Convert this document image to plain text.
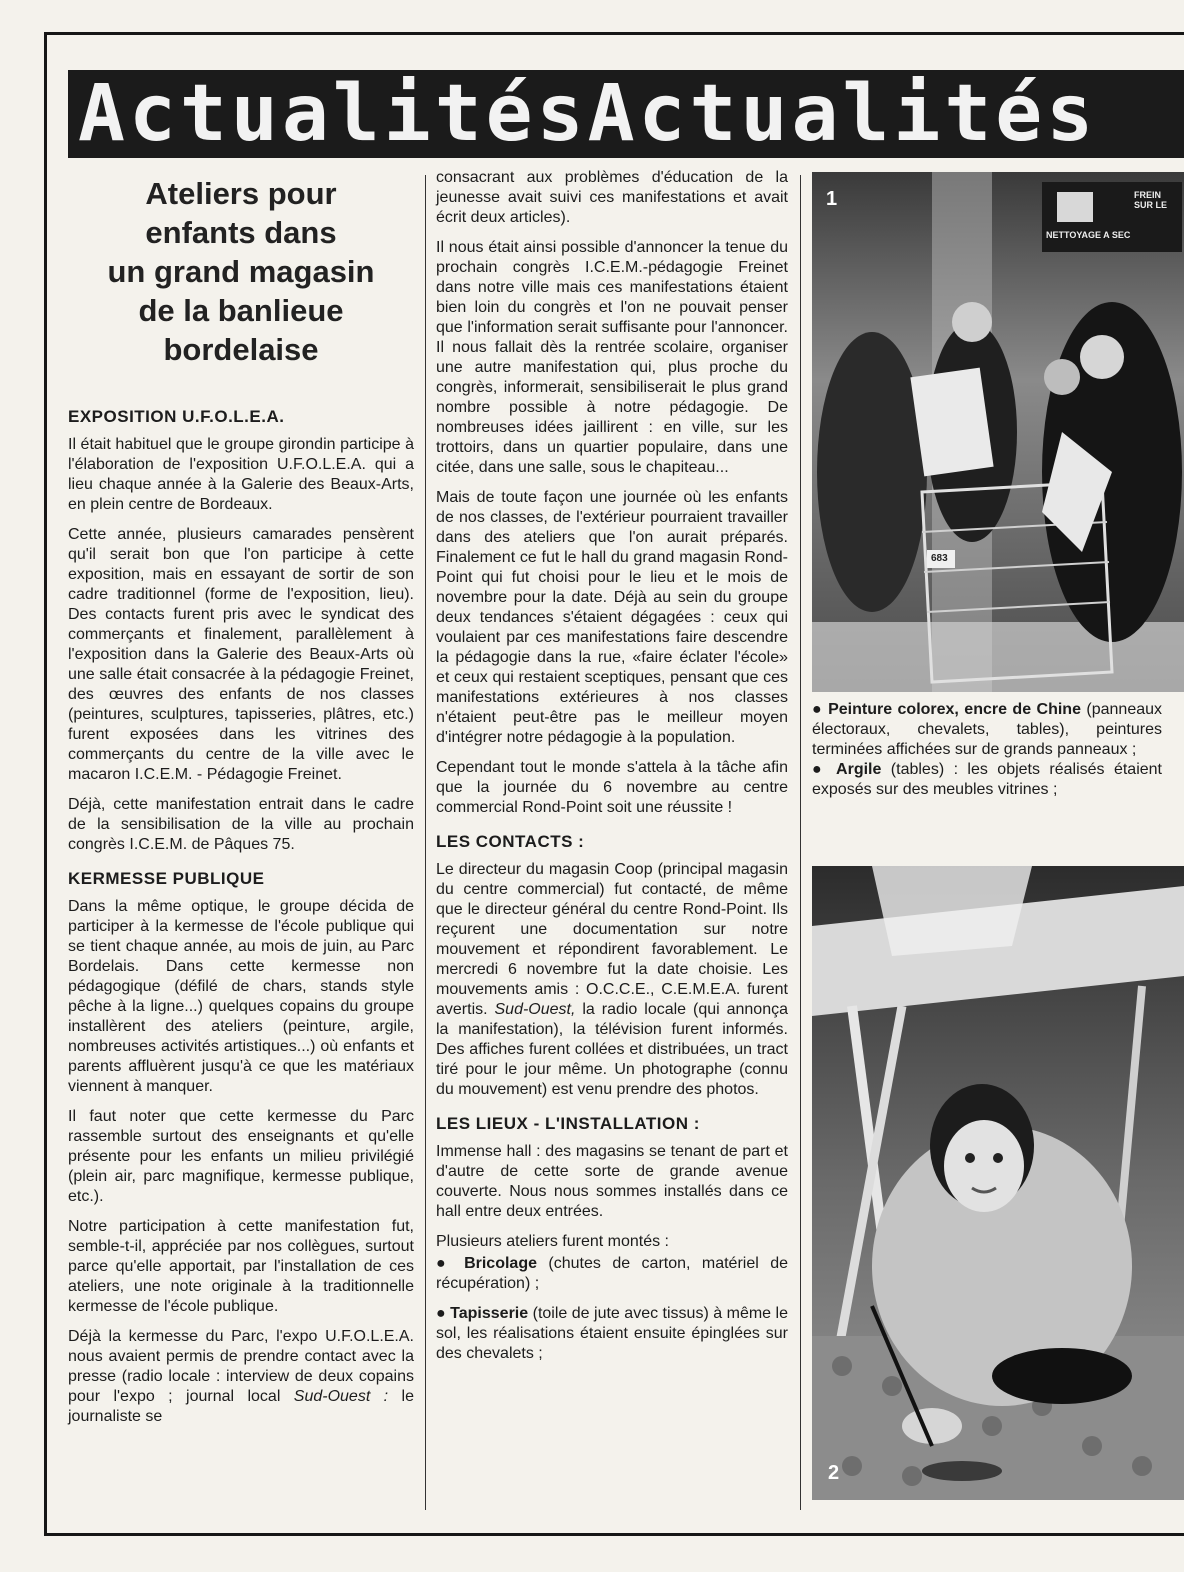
ActualitésActualités
Ateliers pour
enfants dans
un grand magasin
de la banlieue
bordelaise
EXPOSITION U.F.O.L.E.A.

Il était habituel que le groupe girondin participe à l'élaboration de l'exposition U.F.O.L.E.A. qui a lieu chaque année à la Galerie des Beaux-Arts, en plein centre de Bordeaux.

Cette année, plusieurs camarades pensèrent qu'il serait bon que l'on participe à cette exposition, mais en essayant de sortir de son cadre traditionnel (forme de l'exposition, lieu). Des contacts furent pris avec le syndicat des commerçants et finalement, parallèlement à l'exposition dans la Galerie des Beaux-Arts où une salle était consacrée à la pédagogie Freinet, des œuvres des enfants de nos classes (peintures, sculptures, tapisseries, plâtres, etc.) furent exposées dans les vitrines des commerçants du centre de la ville avec le macaron I.C.E.M. - Pédagogie Freinet.

Déjà, cette manifestation entrait dans le cadre de la sensibilisation de la ville au prochain congrès I.C.E.M. de Pâques 75.

KERMESSE PUBLIQUE

Dans la même optique, le groupe décida de participer à la kermesse de l'école publique qui se tient chaque année, au mois de juin, au Parc Bordelais. Dans cette kermesse non pédagogique (défilé de chars, stands style pêche à la ligne...) quelques copains du groupe installèrent des ateliers (peinture, argile, nombreuses activités artistiques...) où enfants et parents affluèrent jusqu'à ce que les matériaux viennent à manquer.

Il faut noter que cette kermesse du Parc rassemble surtout des enseignants et qu'elle présente pour les enfants un milieu privilégié (plein air, parc magnifique, kermesse publique, etc.).

Notre participation à cette manifestation fut, semble-t-il, appréciée par nos collègues, surtout parce qu'elle apportait, par l'installation de ces ateliers, une note originale à la traditionnelle kermesse de l'école publique.

Déjà la kermesse du Parc, l'expo U.F.O.L.E.A. nous avaient permis de prendre contact avec la presse (radio locale : interview de deux copains pour l'expo ; journal local Sud-Ouest : le journaliste se

consacrant aux problèmes d'éducation de la jeunesse avait suivi ces manifestations et avait écrit deux articles).

Il nous était ainsi possible d'annoncer la tenue du prochain congrès I.C.E.M.-pédagogie Freinet dans notre ville mais ces manifestations étaient bien loin du congrès et l'on ne pouvait penser que l'information serait suffisante pour l'annoncer. Il nous fallait dès la rentrée scolaire, organiser une autre manifestation qui, plus proche du congrès, informerait, sensibiliserait le plus grand nombre possible à notre pédagogie. De nombreuses idées jaillirent : en ville, sur les trottoirs, dans un quartier populaire, dans une citée, dans une salle, sous le chapiteau...

Mais de toute façon une journée où les enfants de nos classes, de l'extérieur pourraient travailler dans des ateliers que l'on aurait préparés. Finalement ce fut le hall du grand magasin Rond-Point qui fut choisi pour le lieu et le mois de novembre pour la date. Déjà au sein du groupe deux tendances s'étaient dégagées : ceux qui voulaient par ces manifestations faire descendre la pédagogie dans la rue, «faire éclater l'école» et ceux qui restaient sceptiques, pensant que ces manifestations extérieures à nos classes n'étaient peut-être pas le meilleur moyen d'intégrer notre pédagogie à la population.

Cependant tout le monde s'attela à la tâche afin que la journée du 6 novembre au centre commercial Rond-Point soit une réussite !

LES CONTACTS :

Le directeur du magasin Coop (principal magasin du centre commercial) fut contacté, de même que le directeur général du centre Rond-Point. Ils reçurent une documentation sur notre mouvement et répondirent favorablement. Le mercredi 6 novembre fut la date choisie. Les mouvements amis : O.C.C.E., C.E.M.E.A. furent avertis. Sud-Ouest, la radio locale (qui annonça la manifestation), la télévision furent informés. Des affiches furent collées et distribuées, un tract tiré pour le jour même. Un photographe (connu du mouvement) est venu prendre des photos.

LES LIEUX - L'INSTALLATION :

Immense hall : des magasins se tenant de part et d'autre de cette sorte de grande avenue couverte. Nous nous sommes installés dans ce hall entre deux entrées.

Plusieurs ateliers furent montés :

● Bricolage (chutes de carton, matériel de récupération) ;

● Tapisserie (toile de jute avec tissus) à même le sol, les réalisations étaient ensuite épinglées sur des chevalets ;

1	FREIN SUR LE
NETTOYAGE A SEC
683

● Peinture colorex, encre de Chine (panneaux électoraux, chevalets, tables), peintures terminées affichées sur de grands panneaux ;

● Argile (tables) : les objets réalisés étaient exposés sur des meubles vitrines ;

2
